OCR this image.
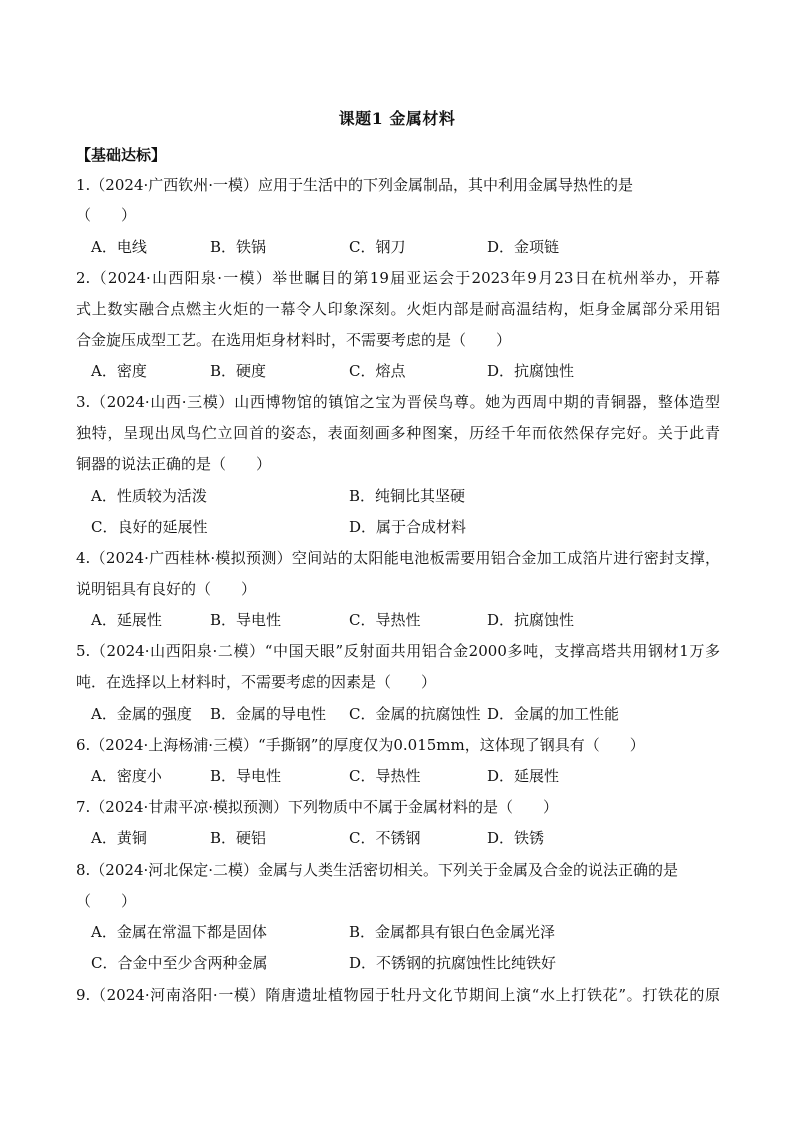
课题1 金属材料
【基础达标】
1.（2024·广西钦州·一模）应用于生活中的下列金属制品，其中利用金属导热性的是
（　　）
A．电线	B．铁锅	C．钢刀	D．金项链
2.（2024·山西阳泉·一模）举世瞩目的第19届亚运会于2023年9月23日在杭州举办，开幕
式上数实融合点燃主火炬的一幕令人印象深刻。火炬内部是耐高温结构，炬身金属部分采用铝
合金旋压成型工艺。在选用炬身材料时，不需要考虑的是（　　）
A．密度	B．硬度	C．熔点	D．抗腐蚀性
3.（2024·山西·三模）山西博物馆的镇馆之宝为晋侯鸟尊。她为西周中期的青铜器，整体造型
独特，呈现出凤鸟伫立回首的姿态，表面刻画多种图案，历经千年而依然保存完好。关于此青
铜器的说法正确的是（　　）
A．性质较为活泼	B．纯铜比其坚硬
C．良好的延展性	D．属于合成材料
4.（2024·广西桂林·模拟预测）空间站的太阳能电池板需要用铝合金加工成箔片进行密封支撑，
说明铝具有良好的（　　）
A．延展性	B．导电性	C．导热性	D．抗腐蚀性
5.（2024·山西阳泉·二模）“中国天眼”反射面共用铝合金2000多吨，支撑高塔共用钢材1万多
吨．在选择以上材料时，不需要考虑的因素是（　　）
A．金属的强度 B．金属的导电性 C．金属的抗腐蚀性 D．金属的加工性能
6.（2024·上海杨浦·三模）“手撕钢”的厚度仅为0.015mm，这体现了钢具有（　　）
A．密度小	B．导电性	C．导热性	D．延展性
7.（2024·甘肃平凉·模拟预测）下列物质中不属于金属材料的是（　　）
A．黄铜	B．硬铝	C．不锈钢	D．铁锈
8.（2024·河北保定·二模）金属与人类生活密切相关。下列关于金属及合金的说法正确的是
（　　）
A．金属在常温下都是固体	B．金属都具有银白色金属光泽
C．合金中至少含两种金属	D．不锈钢的抗腐蚀性比纯铁好
9.（2024·河南洛阳·一模）隋唐遗址植物园于牡丹文化节期间上演“水上打铁花”。打铁花的原
